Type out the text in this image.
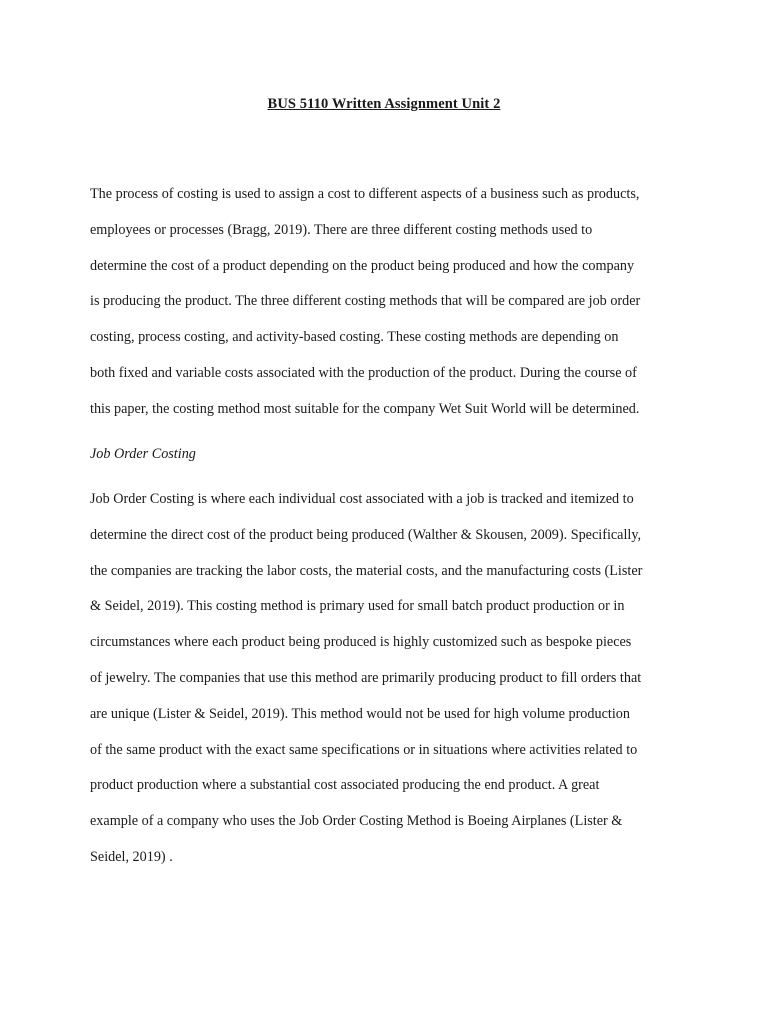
BUS 5110 Written Assignment Unit 2
The process of costing is used to assign a cost to different aspects of a business such as products,
employees or processes (Bragg, 2019). There are three different costing methods used to
determine the cost of a product depending on the product being produced and how the company
is producing the product. The three different costing methods that will be compared are job order
costing, process costing, and activity-based costing. These costing methods are depending on
both fixed and variable costs associated with the production of the product. During the course of
this paper, the costing method most suitable for the company Wet Suit World will be determined.
Job Order Costing
Job Order Costing is where each individual cost associated with a job is tracked and itemized to
determine the direct cost of the product being produced (Walther & Skousen, 2009). Specifically,
the companies are tracking the labor costs, the material costs, and the manufacturing costs (Lister
& Seidel, 2019). This costing method is primary used for small batch product production or in
circumstances where each product being produced is highly customized such as bespoke pieces
of jewelry. The companies that use this method are primarily producing product to fill orders that
are unique (Lister & Seidel, 2019). This method would not be used for high volume production
of the same product with the exact same specifications or in situations where activities related to
product production where a substantial cost associated producing the end product. A great
example of a company who uses the Job Order Costing Method is Boeing Airplanes (Lister &
Seidel, 2019) .
